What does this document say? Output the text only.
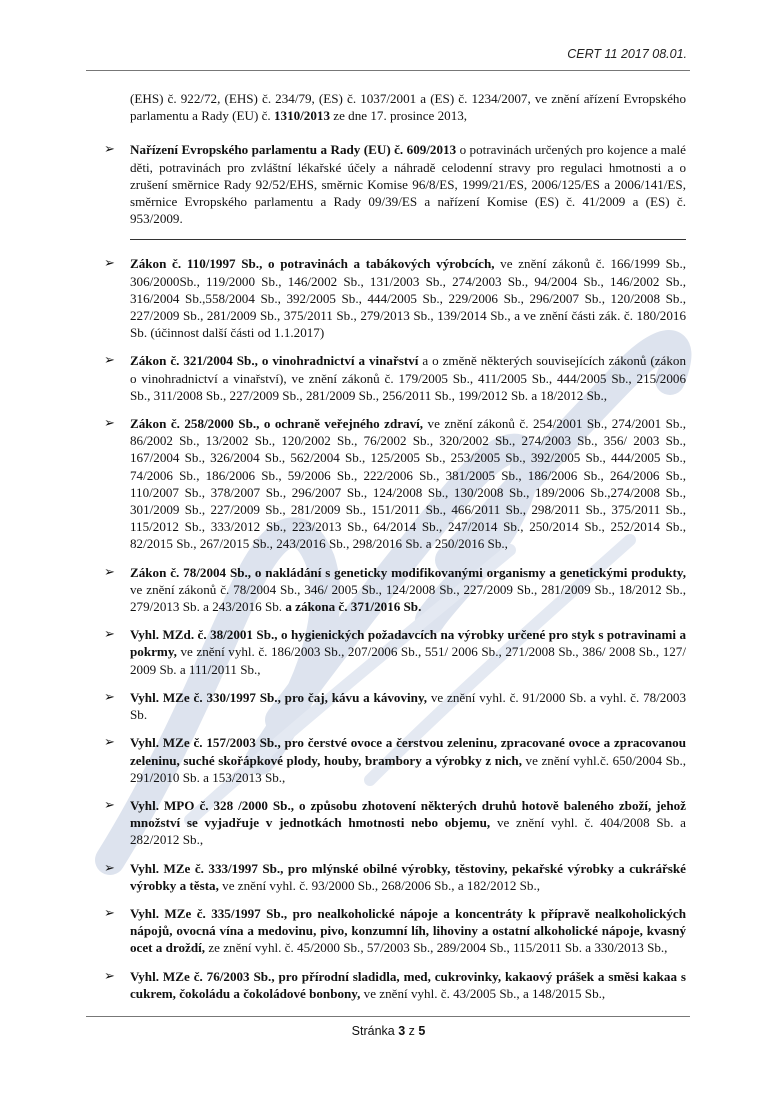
CERT 11 2017 08.01.

(EHS) č. 922/72, (EHS) č. 234/79, (ES) č. 1037/2001 a (ES) č. 1234/2007, ve znění ařízení Evropského parlamentu a Rady (EU) č. 1310/2013 ze dne 17. prosince 2013,

➢ Nařízení Evropského parlamentu a Rady (EU) č. 609/2013 o potravinách určených pro kojence a malé děti, potravinách pro zvláštní lékařské účely a náhradě celodenní stravy pro regulaci hmotnosti a o zrušení směrnice Rady 92/52/EHS, směrnic Komise 96/8/ES, 1999/21/ES, 2006/125/ES a 2006/141/ES, směrnice Evropského parlamentu a Rady 09/39/ES a nařízení Komise (ES) č. 41/2009 a (ES) č. 953/2009.
➢ Zákon č. 110/1997 Sb., o potravinách a tabákových výrobcích, ve znění zákonů č. 166/1999 Sb., 306/2000Sb., 119/2000 Sb., 146/2002 Sb., 131/2003 Sb., 274/2003 Sb., 94/2004 Sb., 146/2002 Sb., 316/2004 Sb.,558/2004 Sb., 392/2005 Sb., 444/2005 Sb., 229/2006 Sb., 296/2007 Sb., 120/2008 Sb., 227/2009 Sb., 281/2009 Sb., 375/2011 Sb., 279/2013 Sb., 139/2014 Sb., a ve znění části zák. č. 180/2016 Sb. (účinnost další části od 1.1.2017)
➢ Zákon č. 321/2004 Sb., o vinohradnictví a vinařství a o změně některých souvisejících zákonů (zákon o vinohradnictví a vinařství), ve znění zákonů č. 179/2005 Sb., 411/2005 Sb., 444/2005 Sb., 215/2006 Sb., 311/2008 Sb., 227/2009 Sb., 281/2009 Sb., 256/2011 Sb., 199/2012 Sb. a 18/2012 Sb.,
➢ Zákon č. 258/2000 Sb., o ochraně veřejného zdraví, ve znění zákonů č. 254/2001 Sb., 274/2001 Sb., 86/2002 Sb., 13/2002 Sb., 120/2002 Sb., 76/2002 Sb., 320/2002 Sb., 274/2003 Sb., 356/ 2003 Sb., 167/2004 Sb., 326/2004 Sb., 562/2004 Sb., 125/2005 Sb., 253/2005 Sb., 392/2005 Sb., 444/2005 Sb., 74/2006 Sb., 186/2006 Sb., 59/2006 Sb., 222/2006 Sb., 381/2005 Sb., 186/2006 Sb., 264/2006 Sb., 110/2007 Sb., 378/2007 Sb., 296/2007 Sb., 124/2008 Sb., 130/2008 Sb., 189/2006 Sb.,274/2008 Sb., 301/2009 Sb., 227/2009 Sb., 281/2009 Sb., 151/2011 Sb., 466/2011 Sb., 298/2011 Sb., 375/2011 Sb., 115/2012 Sb., 333/2012 Sb., 223/2013 Sb., 64/2014 Sb., 247/2014 Sb., 250/2014 Sb., 252/2014 Sb., 82/2015 Sb., 267/2015 Sb., 243/2016 Sb., 298/2016 Sb. a 250/2016 Sb.,
➢ Zákon č. 78/2004 Sb., o nakládání s geneticky modifikovanými organismy a genetickými produkty, ve znění zákonů č. 78/2004 Sb., 346/ 2005 Sb., 124/2008 Sb., 227/2009 Sb., 281/2009 Sb., 18/2012 Sb., 279/2013 Sb. a 243/2016 Sb. a zákona č. 371/2016 Sb.
➢ Vyhl. MZd. č. 38/2001 Sb., o hygienických požadavcích na výrobky určené pro styk s potravinami a pokrmy, ve znění vyhl. č. 186/2003 Sb., 207/2006 Sb., 551/ 2006 Sb., 271/2008 Sb., 386/ 2008 Sb., 127/ 2009 Sb. a 111/2011 Sb.,
➢ Vyhl. MZe č. 330/1997 Sb., pro čaj, kávu a kávoviny, ve znění vyhl. č. 91/2000 Sb. a vyhl. č. 78/2003 Sb.
➢ Vyhl. MZe č. 157/2003 Sb., pro čerstvé ovoce a čerstvou zeleninu, zpracované ovoce a zpracovanou zeleninu, suché skořápkové plody, houby, brambory a výrobky z nich, ve znění vyhl.č. 650/2004 Sb., 291/2010 Sb. a 153/2013 Sb.,
➢ Vyhl. MPO č. 328 /2000 Sb., o způsobu zhotovení některých druhů hotově baleného zboží, jehož množství se vyjadřuje v jednotkách hmotnosti nebo objemu, ve znění vyhl. č. 404/2008 Sb. a 282/2012 Sb.,
➢ Vyhl. MZe č. 333/1997 Sb., pro mlýnské obilné výrobky, těstoviny, pekařské výrobky a cukrářské výrobky a těsta, ve znění vyhl. č. 93/2000 Sb., 268/2006 Sb., a 182/2012 Sb.,
➢ Vyhl. MZe č. 335/1997 Sb., pro nealkoholické nápoje a koncentráty k přípravě nealkoholických nápojů, ovocná vína a medovinu, pivo, konzumní líh, lihoviny a ostatní alkoholické nápoje, kvasný ocet a droždí, ze znění vyhl. č. 45/2000 Sb., 57/2003 Sb., 289/2004 Sb., 115/2011 Sb. a 330/2013 Sb.,
➢ Vyhl. MZe č. 76/2003 Sb., pro přírodní sladidla, med, cukrovinky, kakaový prášek a směsi kakaa s cukrem, čokoládu a čokoládové bonbony, ve znění vyhl. č. 43/2005 Sb., a 148/2015 Sb.,
Stránka 3 z 5
